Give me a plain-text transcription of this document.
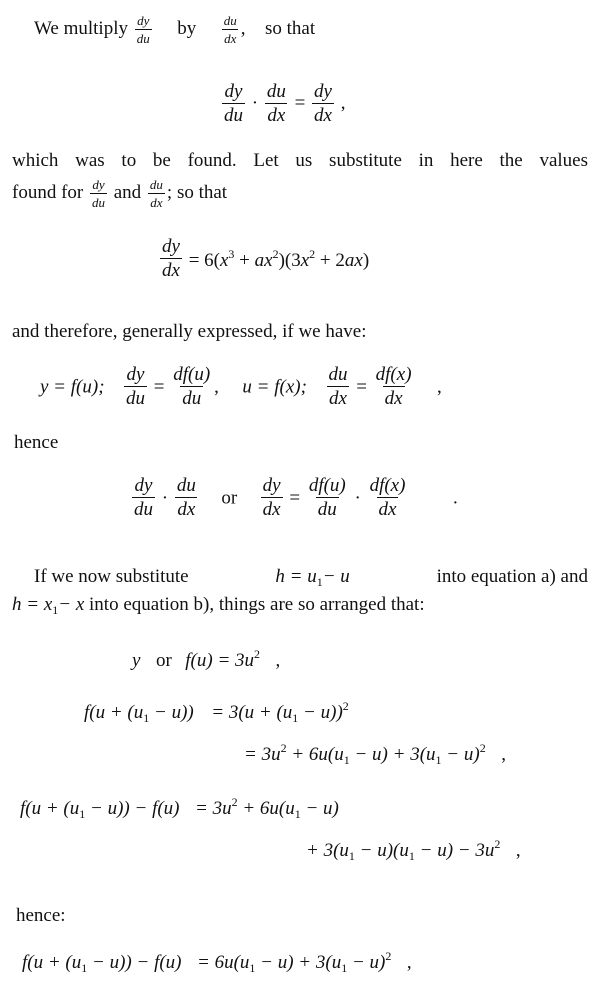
We multiply $\frac{dy}{du}$ by $\frac{du}{dx}$ , so that
$\frac{dy}{du} \cdot \frac{du}{dx} = \frac{dy}{dx}$ ,
which was to be found. Let us substitute in here the values
found for $\frac{dy}{du}$ and $\frac{du}{dx}$ ; so that
$\frac{dy}{dx} = 6(x^3 + ax^2)(3x^2 + 2ax)$
and therefore, generally expressed, if we have:
y = f(u); $\frac{dy}{du} = \frac{df(u)}{du}$ , u = f(x); $\frac{du}{dx} = \frac{df(x)}{dx}$ ,
hence
$\frac{dy}{du} \cdot \frac{du}{dx}$ or $\frac{dy}{dx} = \frac{df(u)}{du} \cdot \frac{df(x)}{dx}$ .
If we now substitute	$h = u_1- u$	into equation a) and
$h = x_1- x$ into equation b), things are so arranged that:
y or $f(u) = 3u^2$ ,
$f(u + (u_1 - u)) = 3(u + (u_1 - u))^2$
= $3u^2 + 6u(u_1 - u) + 3(u_1 - u)^2$ ,
$f(u + (u_1 - u)) - f(u) = 3u^2 + 6u(u_1 - u)$
+ $3(u_1 - u)(u_1 - u) - 3u^2$ ,
hence:
$f(u + (u_1 - u)) - f(u) = 6u(u_1 - u) + 3(u_1 - u)^2$ ,
